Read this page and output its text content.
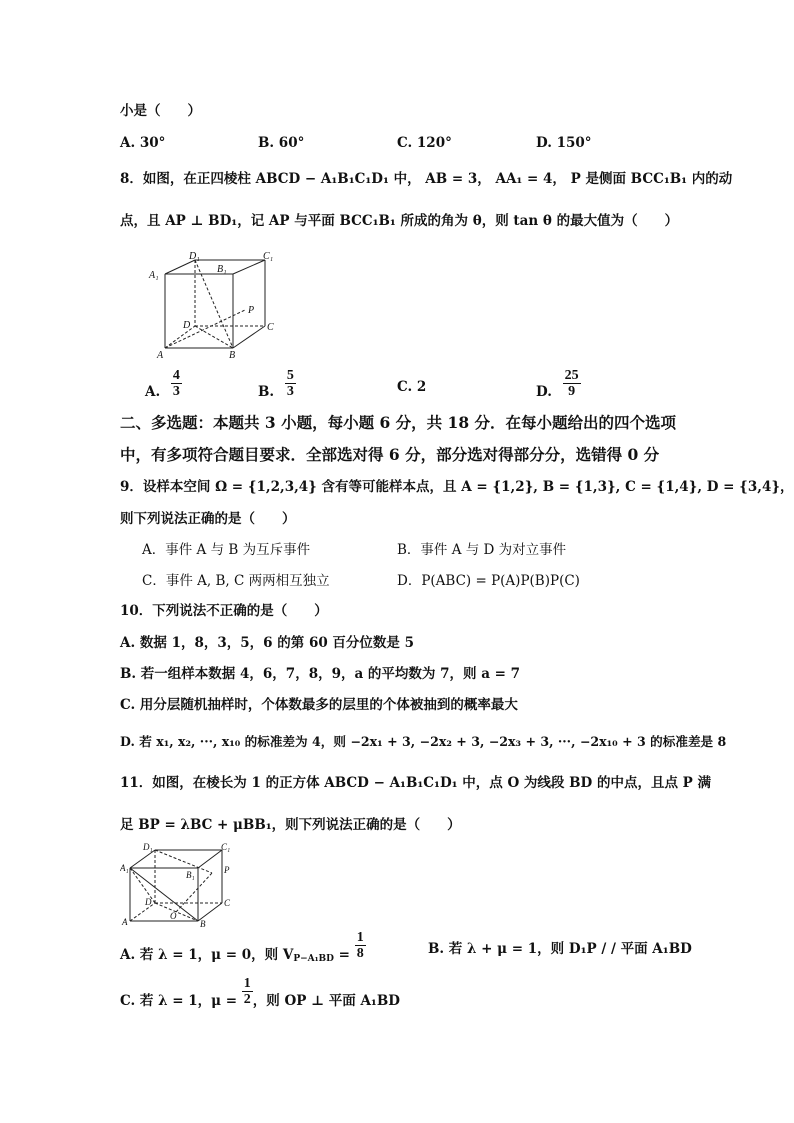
小是（　　）
A. 30°	B. 60°	C. 120°	D. 150°
8．如图，在正四棱柱 ABCD − A₁B₁C₁D₁ 中， AB = 3， AA₁ = 4， P 是侧面 BCC₁B₁ 内的动
点，且 AP ⊥ BD₁，记 AP 与平面 BCC₁B₁ 所成的角为 θ，则 tan θ 的最大值为（　　）
A₁
D₁
B₁
C₁
D
P
C
A	B
A. $\frac{4}{3}$	B. $\frac{5}{3}$	C. 2	D. $\frac{25}{9}$
二、多选题：本题共 3 小题，每小题 6 分，共 18 分．在每小题给出的四个选项
中，有多项符合题目要求．全部选对得 6 分，部分选对得部分分，选错得 0 分
9．设样本空间 Ω = {1,2,3,4} 含有等可能样本点，且 A = {1,2}, B = {1,3}, C = {1,4}, D = {3,4}，
则下列说法正确的是（　　）
A．事件 A 与 B 为互斥事件	B．事件 A 与 D 为对立事件
C．事件 A, B, C 两两相互独立	D．P(ABC) = P(A)P(B)P(C)
10．下列说法不正确的是（　　）
A. 数据 1，8，3，5，6 的第 60 百分位数是 5
B. 若一组样本数据 4，6，7，8，9，a 的平均数为 7，则 a = 7
C. 用分层随机抽样时，个体数最多的层里的个体被抽到的概率最大
D. 若 x₁, x₂, ···, x₁₀ 的标准差为 4，则 −2x₁ + 3, −2x₂ + 3, −2x₃ + 3, ···, −2x₁₀ + 3 的标准差是 8
11．如图，在棱长为 1 的正方体 ABCD − A₁B₁C₁D₁ 中，点 O 为线段 BD 的中点，且点 P 满
足 BP = λBC + μBB₁，则下列说法正确的是（　　）
D₁	C₁
A₁
B₁	P
D	C
O
A	B
A. 若 λ = 1，μ = 0，则 $V_{P-A_1BD} = \frac{1}{8}$	B. 若 λ + μ = 1，则 D₁P / / 平面 A₁BD
C. 若 λ = 1，$\mu = \frac{1}{2}$ ，则 OP ⊥ 平面 A₁BD
